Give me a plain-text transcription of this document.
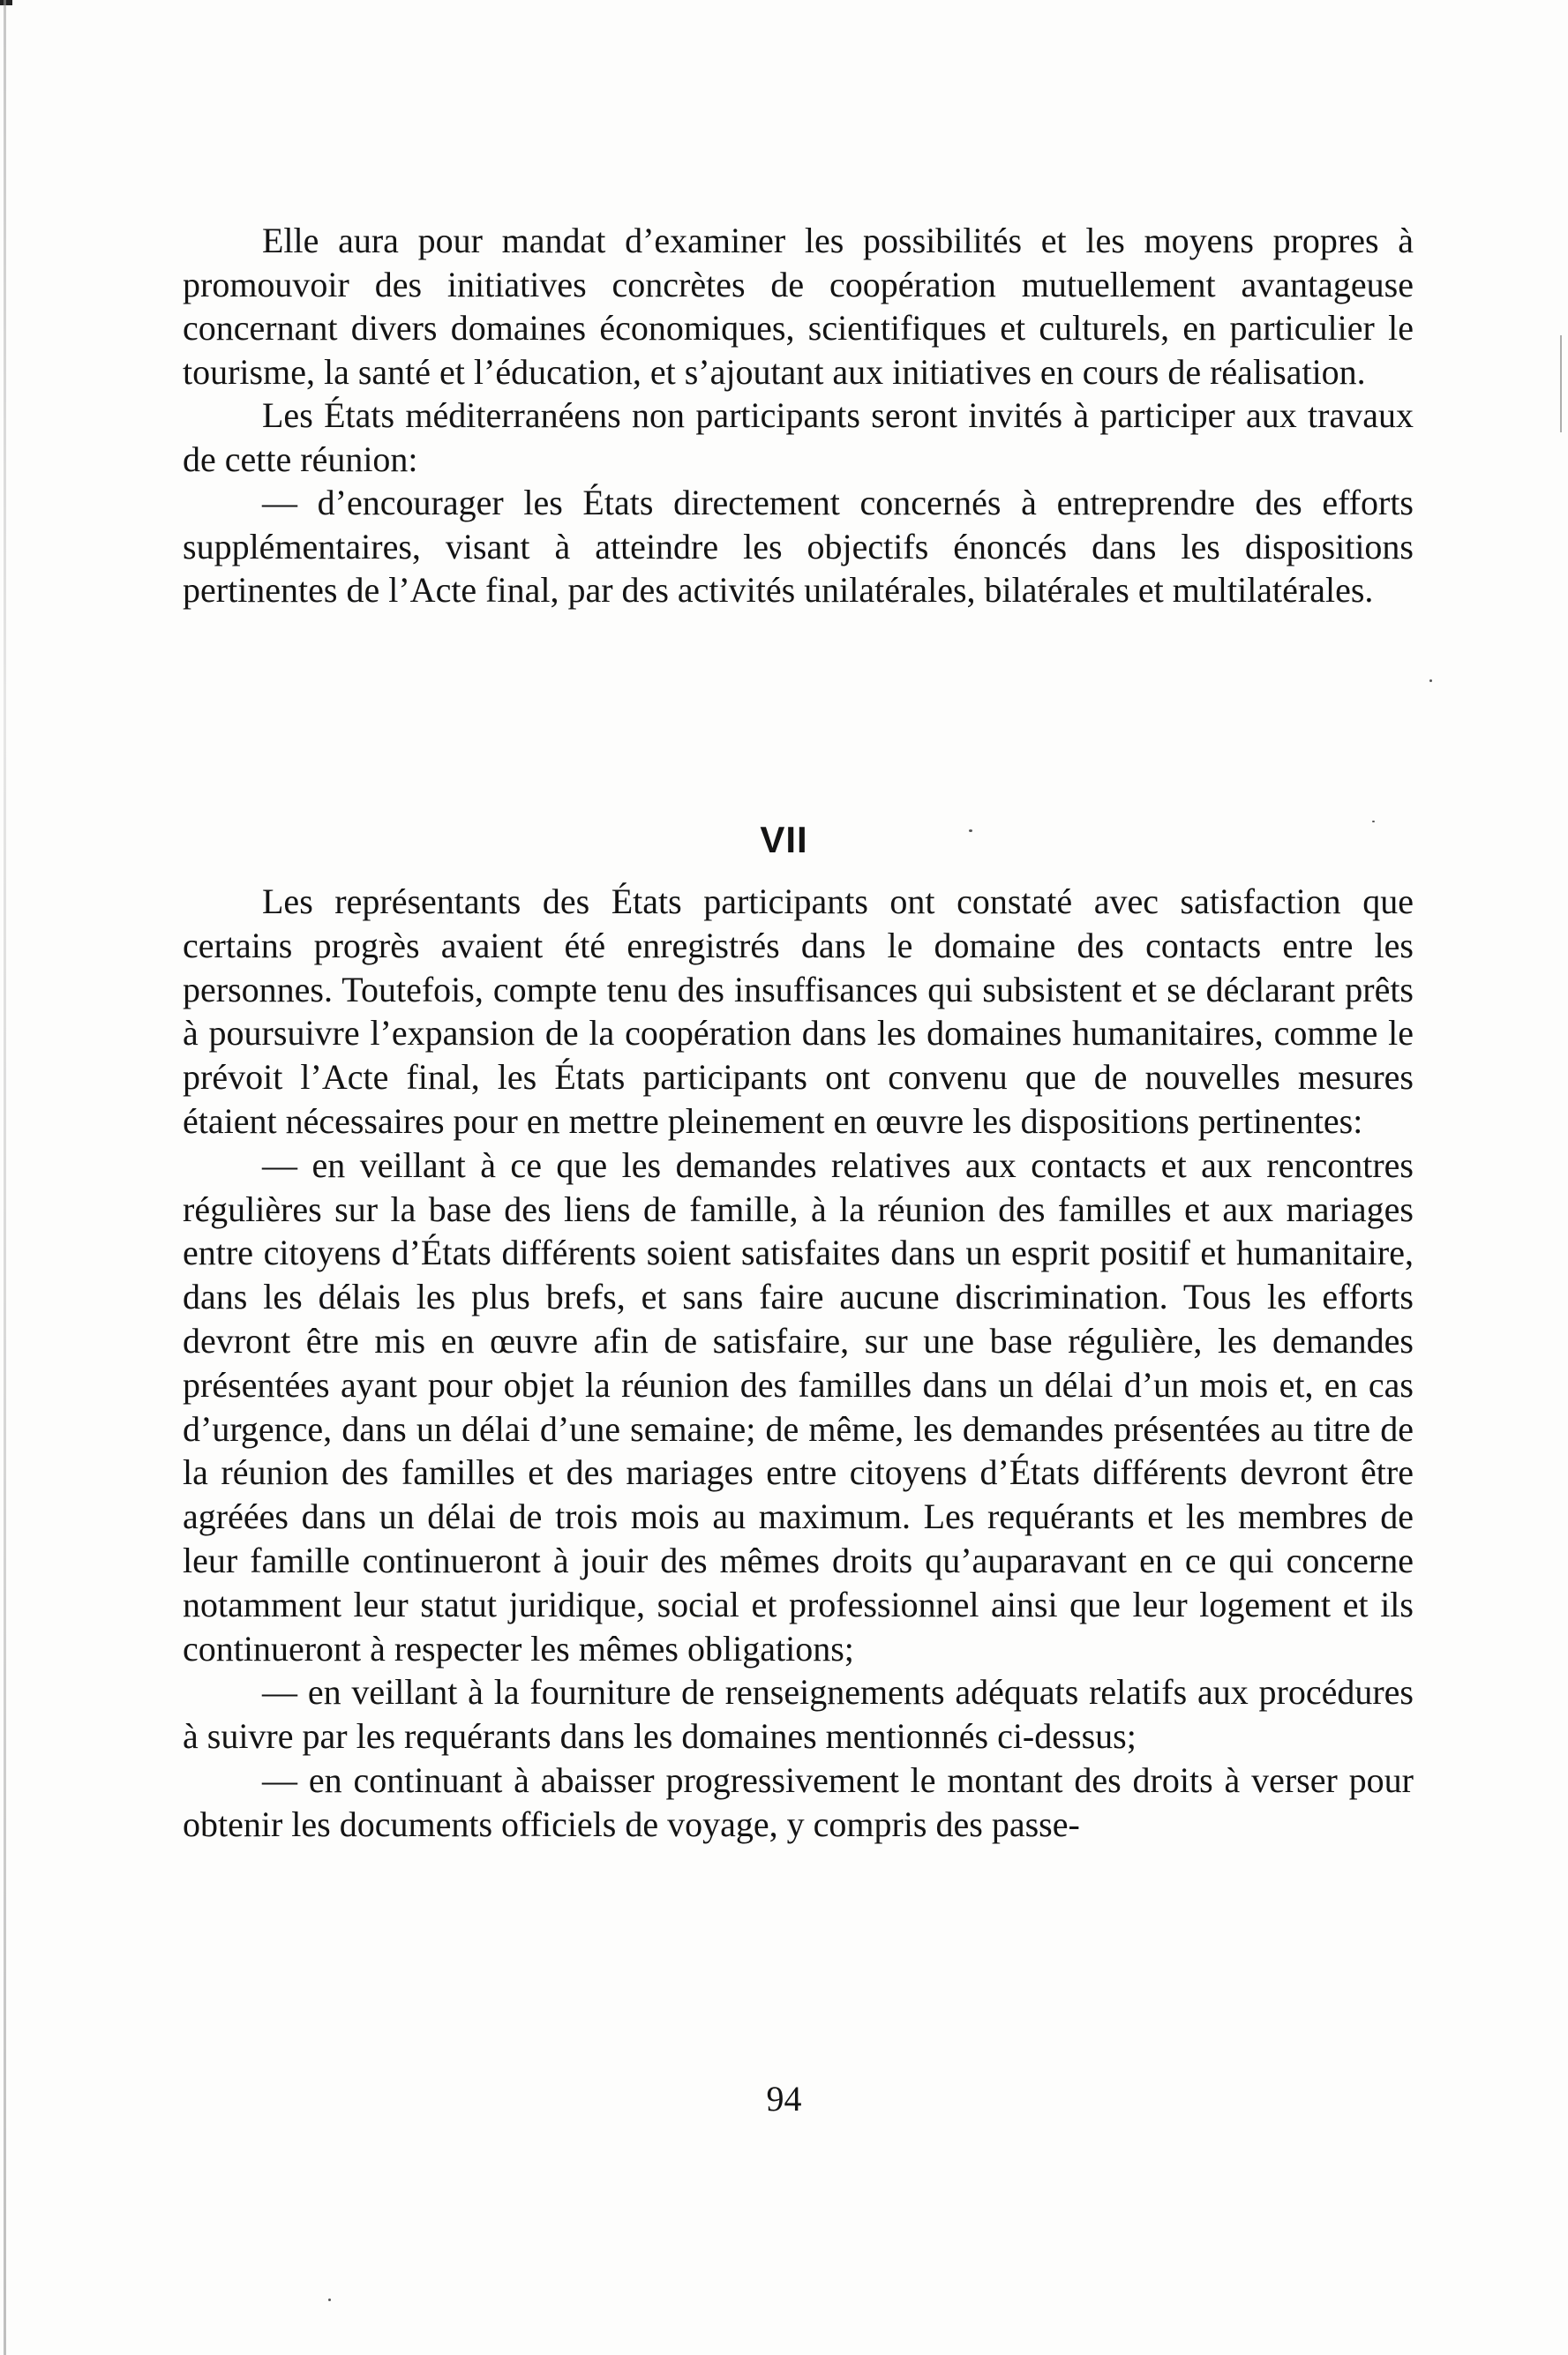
Elle aura pour mandat d’examiner les possibilités et les moyens propres à promouvoir des initiatives concrètes de coopération mutuellement avantageuse concernant divers domaines économiques, scientifiques et culturels, en particulier le tourisme, la santé et l’éducation, et s’ajoutant aux initiatives en cours de réalisation.

Les États méditerranéens non participants seront invités à participer aux travaux de cette réunion:

— d’encourager les États directement concernés à entreprendre des efforts supplémentaires, visant à atteindre les objectifs énoncés dans les dispositions pertinentes de l’Acte final, par des activités unilatérales, bilatérales et multilatérales.

VII

Les représentants des États participants ont constaté avec satisfaction que certains progrès avaient été enregistrés dans le domaine des contacts entre les personnes. Toutefois, compte tenu des insuffisances qui subsistent et se déclarant prêts à poursuivre l’expansion de la coopération dans les domaines humanitaires, comme le prévoit l’Acte final, les États participants ont convenu que de nouvelles mesures étaient nécessaires pour en mettre pleinement en œuvre les dispositions pertinentes:

— en veillant à ce que les demandes relatives aux contacts et aux rencontres régulières sur la base des liens de famille, à la réunion des familles et aux mariages entre citoyens d’États différents soient satisfaites dans un esprit positif et humanitaire, dans les délais les plus brefs, et sans faire aucune discrimination. Tous les efforts devront être mis en œuvre afin de satisfaire, sur une base régulière, les demandes présentées ayant pour objet la réunion des familles dans un délai d’un mois et, en cas d’urgence, dans un délai d’une semaine; de même, les demandes présentées au titre de la réunion des familles et des mariages entre citoyens d’États différents devront être agréées dans un délai de trois mois au maximum. Les requérants et les membres de leur famille continueront à jouir des mêmes droits qu’auparavant en ce qui concerne notamment leur statut juridique, social et professionnel ainsi que leur logement et ils continueront à respecter les mêmes obligations;

— en veillant à la fourniture de renseignements adéquats relatifs aux procédures à suivre par les requérants dans les domaines mentionnés ci-dessus;

— en continuant à abaisser progressivement le montant des droits à verser pour obtenir les documents officiels de voyage, y compris des passe-

94
